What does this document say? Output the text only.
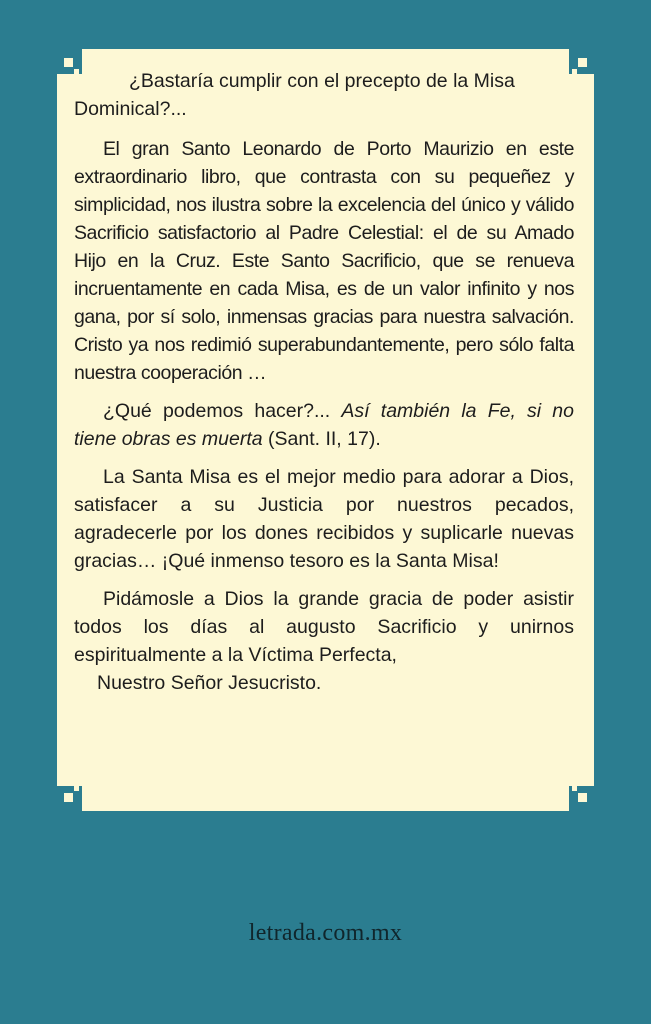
¿Bastaría cumplir con el precepto de la Misa Dominical?...

El gran Santo Leonardo de Porto Maurizio en este extraordinario libro, que contrasta con su pequeñez y simplicidad, nos ilustra sobre la excelencia del único y válido Sacrificio satisfactorio al Padre Celestial: el de su Amado Hijo en la Cruz. Este Santo Sacrificio, que se renueva incruentamente en cada Misa, es de un valor infinito y nos gana, por sí solo, inmensas gracias para nuestra salvación. Cristo ya nos redimió superabundantemente, pero sólo falta nuestra cooperación …

¿Qué podemos hacer?... Así también la Fe, si no tiene obras es muerta (Sant. II, 17).

La Santa Misa es el mejor medio para adorar a Dios, satisfacer a su Justicia por nuestros pecados, agradecerle por los dones recibidos y suplicarle nuevas gracias… ¡Qué inmenso tesoro es la Santa Misa!

Pidámosle a Dios la grande gracia de poder asistir todos los días al augusto Sacrificio y unirnos espiritualmente a la Víctima Perfecta,
Nuestro Señor Jesucristo.

letrada.com.mx
